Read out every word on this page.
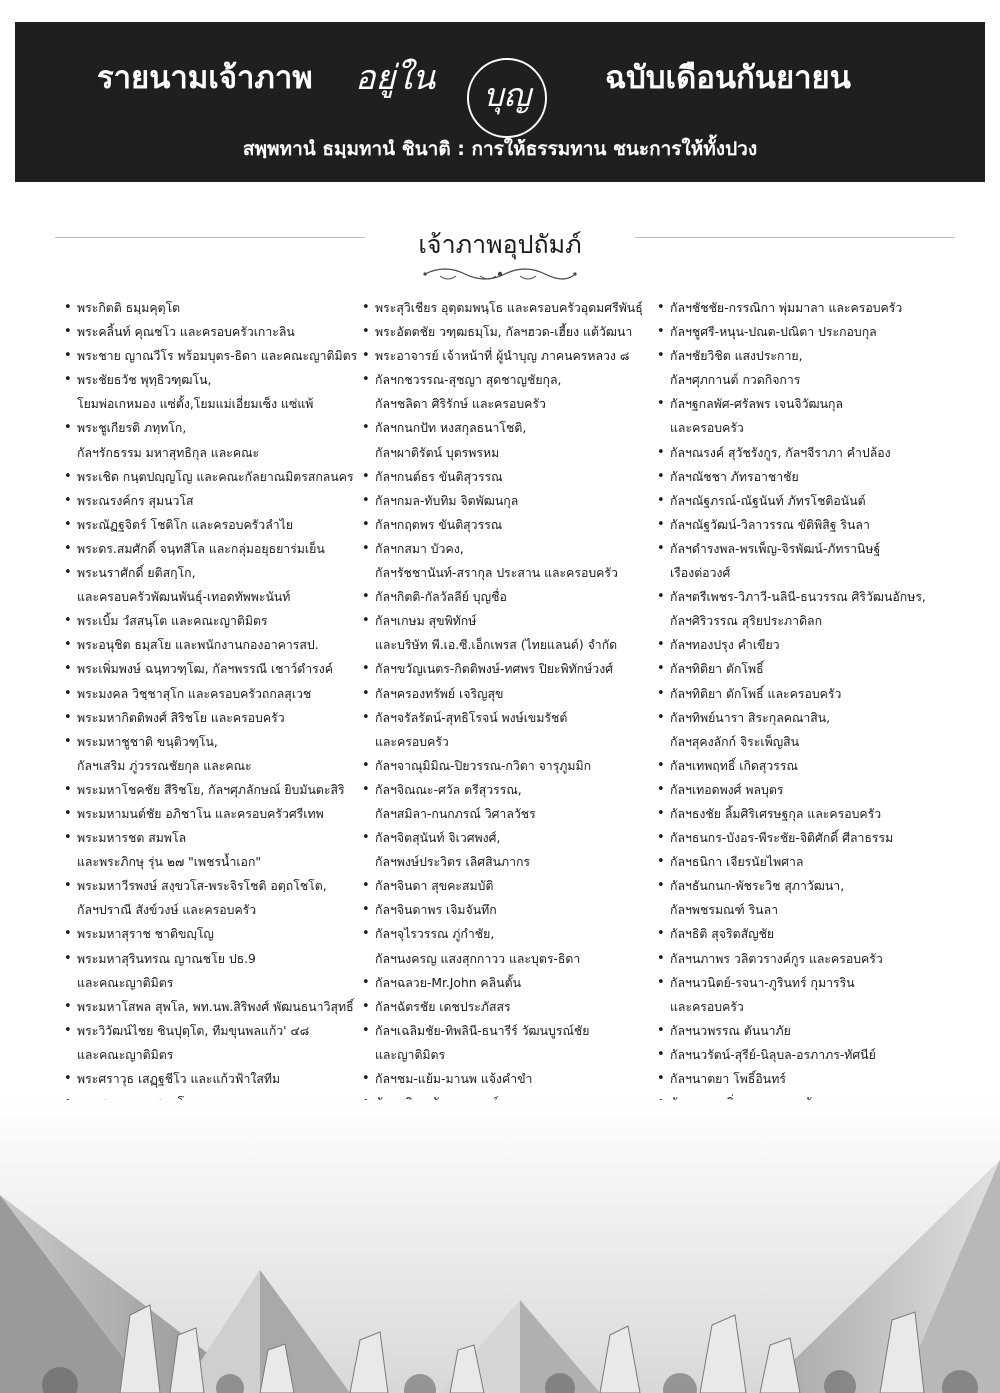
รายนามเจ้าภาพ อยู่ใน	บุญ	ฉบับเดือนกันยายน
สพฺพทานํ ธมฺมทานํ ชินาติ : การให้ธรรมทาน ชนะการให้ทั้งปวง
เจ้าภาพอุปถัมภ์
• พระกิตติ ธมฺมคุตฺโต
• พระคลิ้นท์ คุณชโว และครอบครัวเกาะลิน
• พระชาย ญาณวีโร พร้อมบุตร-ธิดา และคณะญาติมิตร
• พระชัยธวัช พุทฺธิวฑฺฒโน,
โยมพ่อเกหมอง แซ่ตั้ง,โยมแม่เอี่ยมเซ็ง แซ่แพ้
• พระชูเกียรติ ภทฺทโก,
กัลฯรักธรรม มหาสุทธิกุล และคณะ
• พระเชิด กนฺตปญฺญโญ และคณะกัลยาณมิตรสกลนคร
• พระณรงค์กร สุมนวโส
• พระณัฏฐจิตร์ โชติโก และครอบครัวลำไย
• พระดร.สมศักดิ์ จนฺทสีโล และกลุ่มอยุธยาร่มเย็น
• พระนราศักดิ์ ยติสกฺโก,
และครอบครัวพัฒนพันธุ์-เทอดทัพพะนันท์
• พระเบิ้ม วํสสนฺโต และคณะญาติมิตร
• พระอนุชิต ธมฺสโย และพนักงานกองอาคารสป.
• พระเพิ่มพงษ์ ฉนฺทวฑฺโฒ, กัลฯพรรณี เชาว์ดำรงค์
• พระมงคล วิชฺชาสุโก และครอบครัวถกลสุเวช
• พระมหากิตติพงศ์ สิริชโย และครอบครัว
• พระมหาชูชาติ ขนฺติวฑฺโน,
กัลฯเสริม ภู่วรรณชัยกุล และคณะ
• พระมหาโชคชัย สีริชโย, กัลฯศุภลักษณ์ ยิบมันตะสิริ
• พระมหามนต์ชัย อภิชาโน และครอบครัวศรีเทพ
• พระมหารชต สมพโล
และพระภิกษุ รุ่น ๒๗ "เพชรน้ำเอก"
• พระมหาวีรพงษ์ สงฺขวโส-พระจิรโชติ อตฺถโชโต,
กัลฯปราณี สังข์วงษ์ และครอบครัว
• พระมหาสุราช ชาติขญฺโญ
• พระมหาสุรินทรณ ญาณชโย ปธ.9
และคณะญาติมิตร
• พระมหาโสพล สุพโล, พท.นพ.สิริพงศ์ พัฒนธนาวิสุทธิ์
• พระวิวัฒน์ไชย ชินปุตฺโต, ทีมขุนพลแก้ว' ๔๘
และคณะญาติมิตร
• พระศราวุธ เสฏฺฐชีโว และแก้วฟ้าใสทีม
•
• พระสุวิเชียร อุตฺตมพนฺโธ และครอบครัวอุดมศรีพันธุ์
• พระอัตตชัย วฑฺฒธมฺโม, กัลฯฮวด-เฮี้ยง แต้วัฒนา
• พระอาจารย์ เจ้าหน้าที่ ผู้นำบุญ ภาคนครหลวง ๘
• กัลฯกชวรรณ-สุชญา สุดชาญชัยกุล,
กัลฯชลิดา ศิริรักษ์ และครอบครัว
• กัลฯกนกปัท หงสกุลธนาโชติ,
กัลฯผาติรัตน์ บุตรพรหม
• กัลฯกนต์ธร ขันติสุวรรณ
• กัลฯกมล-ทับทิม จิตพัฒนกุล
• กัลฯกฤตพร ขันติสุวรรณ
• กัลฯกสมา บัวคง,
กัลฯรัชชานันท์-สรากุล ประสาน และครอบครัว
• กัลฯกิตติ-กัลวัลลีย์ บุญชื่อ
• กัลฯเกษม สุขพิทักษ์
และบริษัท พี.เอ.ซี.เอ็กเพรส (ไทยแลนด์) จำกัด
• กัลฯขวัญเนตร-กิตติพงษ์-ทศพร ปิยะพิทักษ์วงศ์
• กัลฯครองทรัพย์ เจริญสุข
• กัลฯจรัลรัตน์-สุทธิโรจน์ พงษ์เขมรัชต์
และครอบครัว
• กัลฯจาณุมิมิณ-ปิยวรรณ-กวิตา จารุภูมมิก
• กัลฯจิณณะ-ศวัล ตรีสุวรรณ,
กัลฯสมิลา-กนกภรณ์ วิศาลวัชร
• กัลฯจิตสุนันท์ จิเวศพงศ์,
กัลฯพงษ์ประวิตร เลิศสินภากร
• กัลฯจินดา สุขคะสมบัติ
• กัลฯจินดาพร เจิมจันทึก
• กัลฯจุไรวรรณ ภู่กำชัย,
กัลฯนงครญ แสงสุกกาวว และบุตร-ธิดา
• กัลฯฉลวย-Mr.John คลินตั้น
• กัลฯฉัตรชัย เดชประภัสสร
• กัลฯเฉลิมชัย-ทิพลินี-ธนารีร์ วัฒนบูรณ์ชัย
และญาติมิตร
• กัลฯชม-แย้ม-มานพ แจ้งคำขำ
•
• กัลฯชัชชัย-กรรณิกา พุ่มมาลา และครอบครัว
• กัลฯชูศรี-หนุน-ปณต-ปณิตา ประกอบกุล
• กัลฯชัยวิชิต แสงประกาย,
กัลฯศุภกานต์ กวดกิจการ
• กัลฯฐกลพัศ-ศรัลพร เจนจิวัฒนกุล
และครอบครัว
• กัลฯณรงค์ สุวัชรังกูร, กัลฯจีราภา คำปล้อง
• กัลฯณัชชา ภัทรอาชาชัย
• กัลฯณัฐภรณ์-ณัฐนันท์ ภัทรโชติอนันต์
• กัลฯณัฐวัฒน์-วิลาวรรณ ขัติพิสิฐ รินลา
• กัลฯดำรงพล-พรเพ็ญ-จิรพัฒน์-ภัทรานิษฐ์
เรืองต่อวงศ์
• กัลฯตรีเพชร-วิภาวี-นลินี-ธนวรรณ ศิริวัฒนอักษร,
กัลฯศิริวรรณ สุริยประภาดิลก
• กัลฯทองปรุง คำเขียว
• กัลฯทิติยา ตักโพธิ์
• กัลฯทิติยา ตักโพธิ์ และครอบครัว
• กัลฯทิพย์นารา สิระกุลคณาสิน,
กัลฯสุคงลักก์ จิระเพ็ญสิน
• กัลฯเทพฤทธิ์ เกิดสุวรรณ
• กัลฯเทอดพงศ์ พลบุตร
• กัลฯธงชัย ลิ้มศิริเศรษฐกุล และครอบครัว
• กัลฯธนกร-บังอร-พีระชัย-จิติศักดิ์ ศีลาธรรม
• กัลฯธนิกา เจียรนัยไพศาล
• กัลฯธันกนก-พัชระวิช สุภาวัฒนา,
กัลฯพชรมณฑ์ รินลา
• กัลฯธิติ สุจริตสัญชัย
• กัลฯนภาพร วลิตวรางค์กูร และครอบครัว
• กัลฯนวนิตย์-รจนา-ภูรินทร์ กุมารริน
และครอบครัว
• กัลฯนวพรรณ ตันนาภัย
• กัลฯนวรัตน์-สุรีย์-นิลุบล-อรภาภร-ทัศนีย์
• กัลฯนาตยา โพธิ์อินทร์
•
